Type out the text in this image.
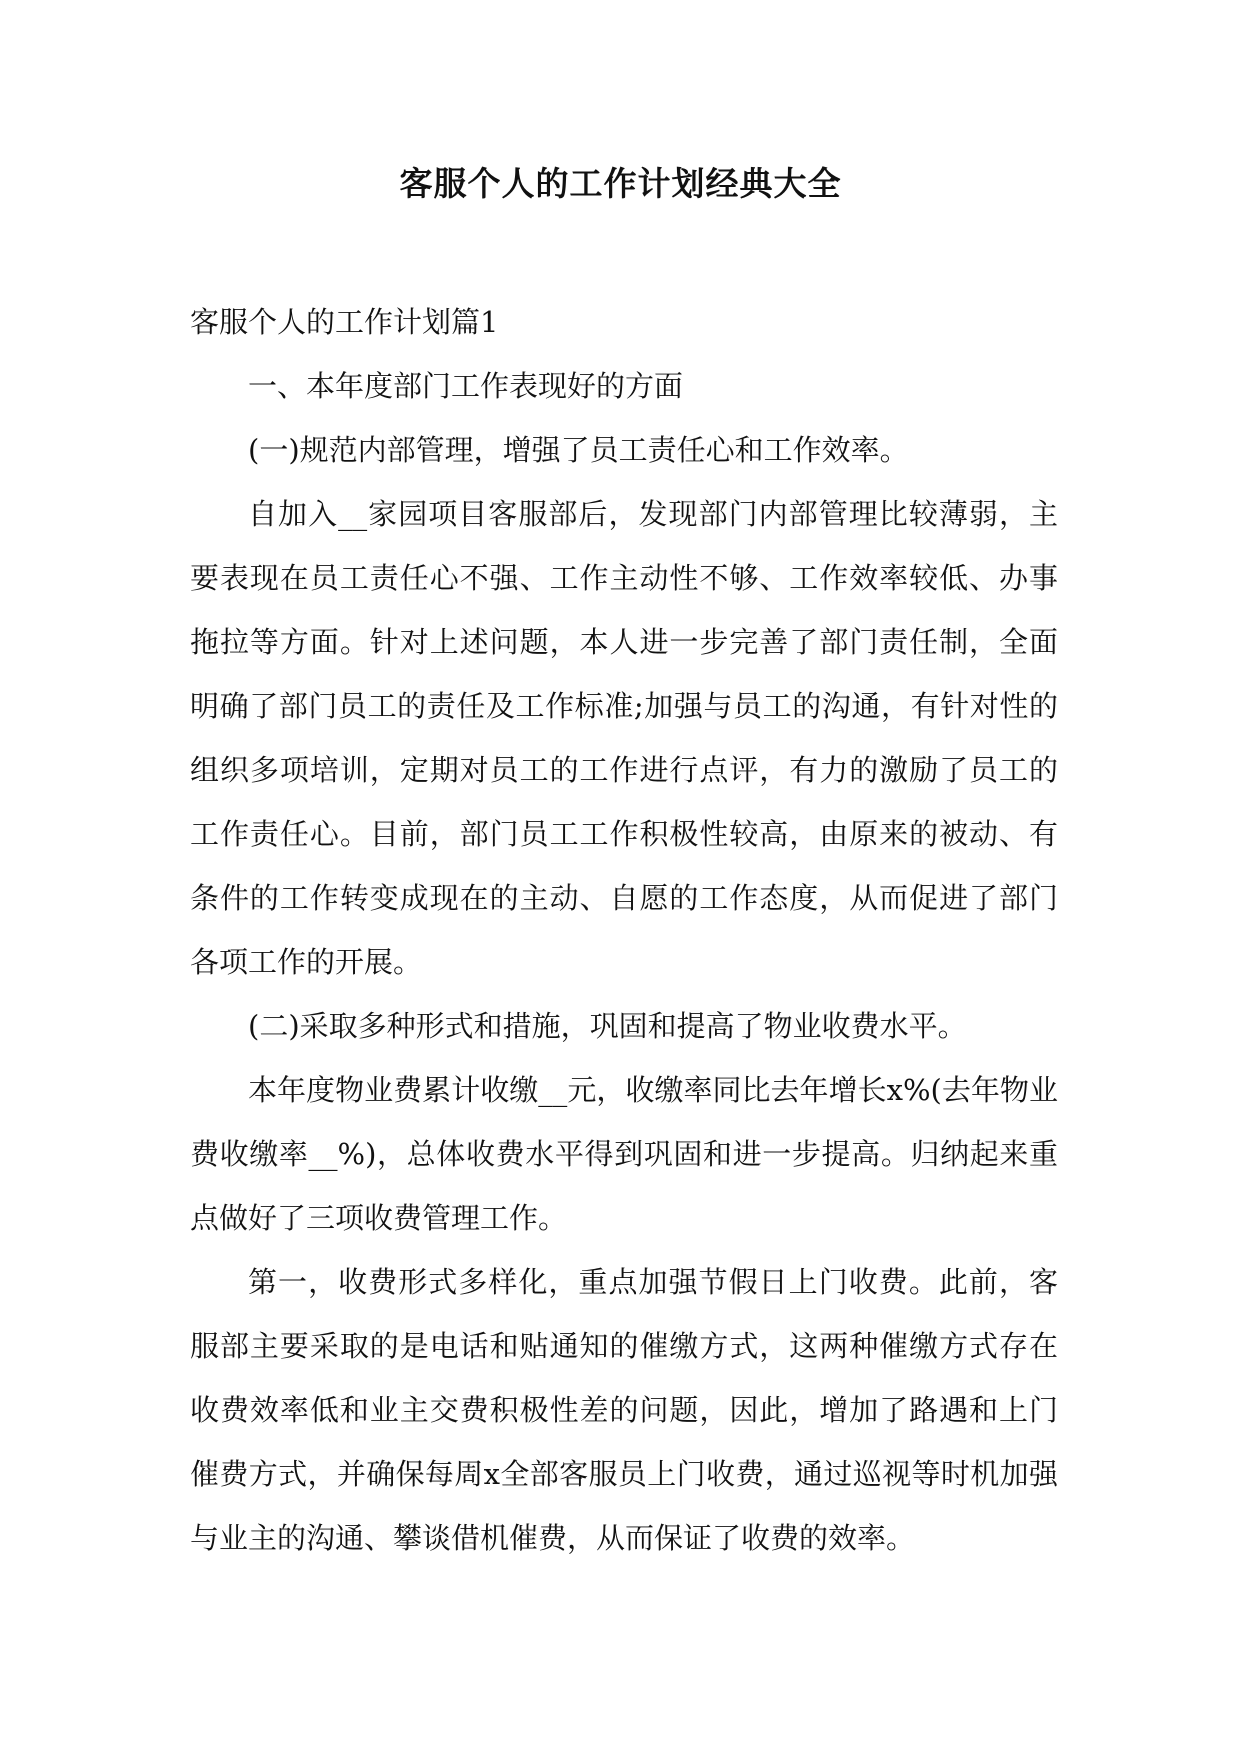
客服个人的工作计划经典大全

客服个人的工作计划篇1

一、本年度部门工作表现好的方面

(一)规范内部管理，增强了员工责任心和工作效率。

自加入__家园项目客服部后，发现部门内部管理比较薄弱，主要表现在员工责任心不强、工作主动性不够、工作效率较低、办事拖拉等方面。针对上述问题，本人进一步完善了部门责任制，全面明确了部门员工的责任及工作标准;加强与员工的沟通，有针对性的组织多项培训，定期对员工的工作进行点评，有力的激励了员工的工作责任心。目前，部门员工工作积极性较高，由原来的被动、有条件的工作转变成现在的主动、自愿的工作态度，从而促进了部门各项工作的开展。

(二)采取多种形式和措施，巩固和提高了物业收费水平。

本年度物业费累计收缴__元，收缴率同比去年增长x%(去年物业费收缴率__%)，总体收费水平得到巩固和进一步提高。归纳起来重点做好了三项收费管理工作。

第一，收费形式多样化，重点加强节假日上门收费。此前，客服部主要采取的是电话和贴通知的催缴方式，这两种催缴方式存在收费效率低和业主交费积极性差的问题，因此，增加了路遇和上门催费方式，并确保每周x全部客服员上门收费，通过巡视等时机加强与业主的沟通、攀谈借机催费，从而保证了收费的效率。
